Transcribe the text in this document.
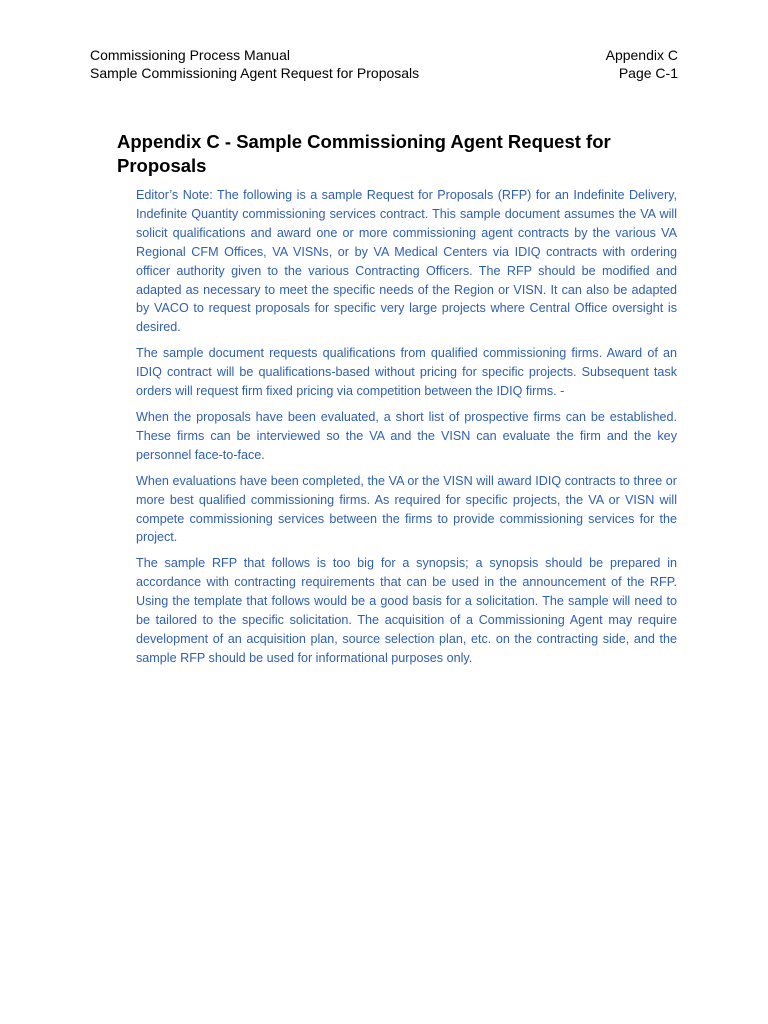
Commissioning Process Manual	Appendix C
Sample Commissioning Agent Request for Proposals	Page C-1
Appendix C - Sample Commissioning Agent Request for Proposals

Editor’s Note: The following is a sample Request for Proposals (RFP) for an Indefinite Delivery, Indefinite Quantity commissioning services contract. This sample document assumes the VA will solicit qualifications and award one or more commissioning agent contracts by the various VA Regional CFM Offices, VA VISNs, or by VA Medical Centers via IDIQ contracts with ordering officer authority given to the various Contracting Officers. The RFP should be modified and adapted as necessary to meet the specific needs of the Region or VISN. It can also be adapted by VACO to request proposals for specific very large projects where Central Office oversight is desired.

The sample document requests qualifications from qualified commissioning firms. Award of an IDIQ contract will be qualifications-based without pricing for specific projects. Subsequent task orders will request firm fixed pricing via competition between the IDIQ firms. -

When the proposals have been evaluated, a short list of prospective firms can be established. These firms can be interviewed so the VA and the VISN can evaluate the firm and the key personnel face-to-face.

When evaluations have been completed, the VA or the VISN will award IDIQ contracts to three or more best qualified commissioning firms. As required for specific projects, the VA or VISN will compete commissioning services between the firms to provide commissioning services for the project.

The sample RFP that follows is too big for a synopsis; a synopsis should be prepared in accordance with contracting requirements that can be used in the announcement of the RFP. Using the template that follows would be a good basis for a solicitation. The sample will need to be tailored to the specific solicitation. The acquisition of a Commissioning Agent may require development of an acquisition plan, source selection plan, etc. on the contracting side, and the sample RFP should be used for informational purposes only.
